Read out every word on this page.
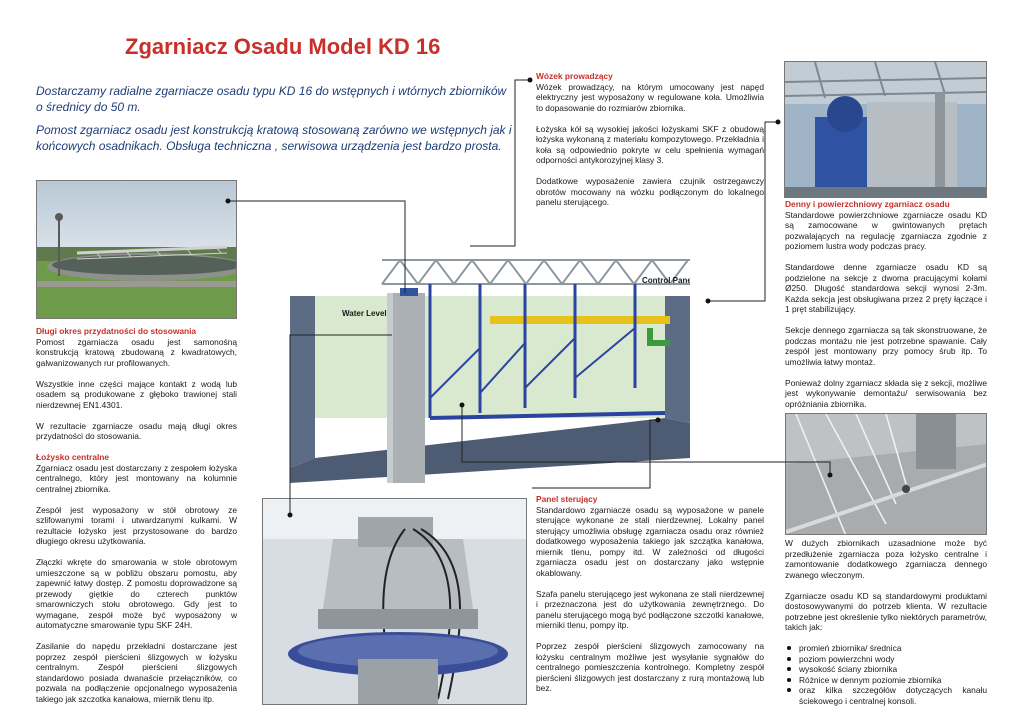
Zgarniacz Osadu Model KD 16

Dostarczamy radialne zgarniacze osadu typu KD 16 do wstępnych i wtórnych zbiorników o średnicy do 50 m.

Pomost zgarniacz osadu jest konstrukcją kratową stosowaną zarówno we wstępnych jak i końcowych osadnikach. Obsługa techniczna , serwisowa urządzenia jest bardzo prosta.

Water Level
Control Panel
Długi okres przydatności do stosowania

Pomost zgarniacza osadu jest samonośną konstrukcją kratową zbudowaną z kwadratowych, galwanizowanych rur profilowanych.

Wszystkie inne części mające kontakt z wodą lub osadem są produkowane z głęboko trawionej stali nierdzewnej EN1.4301.

W rezultacie zgarniacze osadu mają długi okres przydatności do stosowania.

Łożysko centralne

Zgarniacz osadu jest dostarczany z zespołem łożyska centralnego, który jest montowany na kolumnie centralnej zbiornika.

Zespół jest wyposażony w stół obrotowy ze szlifowanymi torami i utwardzanymi kulkami. W rezultacie łożysko jest przystosowane do bardzo długiego okresu użytkowania.

Złączki wkręte do smarowania w stole obrotowym umieszczone są w pobliżu obszaru pomostu, aby zapewnić łatwy dostęp. Z pomostu doprowadzone są przewody giętkie do czterech punktów smarowniczych stołu obrotowego. Gdy jest to wymagane, zespół może być wyposażony w automatyczne smarowanie typu SKF 24H.

Zasilanie do napędu przekładni dostarczane jest poprzez zespół pierścieni ślizgowych w łożysku centralnym. Zespół pierścieni ślizgowych standardowo posiada dwanaście przełączników, co pozwala na podłączenie opcjonalnego wyposażenia takiego jak szczotka kanałowa, miernik tlenu itp.

Wózek prowadzący

Wózek prowadzący, na którym umocowany jest napęd elektryczny jest wyposażony w regulowane koła. Umożliwia to dopasowanie do rozmiarów zbiornika.

Łożyska kół są wysokiej jakości łożyskami SKF z obudową łożyska wykonaną z materiału kompozytowego. Przekładnia i koła są odpowiednio pokryte w celu spełnienia wymagań odporności antykorozyjnej klasy 3.

Dodatkowe wyposażenie zawiera czujnik ostrzegawczy obrotów mocowany na wózku podłączonym do lokalnego panelu sterującego.

Panel sterujący

Standardowo zgarniacze osadu są wyposażone w panele sterujące wykonane ze stali nierdzewnej. Lokalny panel sterujący umożliwia obsługę zgarniacza osadu oraz również dodatkowego wyposażenia takiego jak szczątka kanałowa, miernik tlenu, pompy itd. W zależności od długości zgarniacza osadu jest on dostarczany jako wstępnie okablowany.

Szafa panelu sterującego jest wykonana ze stali nierdzewnej i przeznaczona jest do użytkowania zewnętrznego. Do panelu sterującego mogą być podłączone szczotki kanałowe, mierniki tlenu, pompy itp.

Poprzez zespół pierścieni ślizgowych zamocowany na łożysku centralnym możliwe jest wysyłanie sygnałów do centralnego pomieszczenia kontrolnego. Kompletny zespół pierścieni ślizgowych jest dostarczany z rurą montażową lub bez.

Denny i powierzchniowy zgarniacz osadu

Standardowe powierzchniowe zgarniacze osadu KD są zamocowane w gwintowanych prętach pozwalających na regulację zgarniacza zgodnie z poziomem lustra wody podczas pracy.

Standardowe denne zgarniacze osadu KD są podzielone na sekcje z dwoma pracującymi kołami Ø250. Długość standardowa sekcji wynosi 2-3m. Każda sekcja jest obsługiwana przez 2 pręty łączące i 1 pręt stabilizujący.

Sekcje dennego zgarniacza są tak skonstruowane, że podczas montażu nie jest potrzebne spawanie. Cały zespół jest montowany przy pomocy śrub itp. To umożliwia łatwy montaż.

Ponieważ dolny zgarniacz składa się z sekcji, możliwe jest wykonywanie demontażu/ serwisowania bez opróżniania zbiornika.

W dużych zbiornikach uzasadnione może być przedłużenie zgarniacza poza łożysko centralne i zamontowanie dodatkowego zgarniacza dennego zwanego wleczonym.

Zgarniacze osadu KD są standardowymi produktami dostosowywanymi do potrzeb klienta. W rezultacie potrzebne jest określenie tylko niektórych parametrów, takich jak:

promień zbiornika/ średnica
poziom powierzchni wody
wysokość ściany zbiornika
Różnice w dennym poziomie zbiornika
oraz kilka szczegółów dotyczących kanału ściekowego i centralnej konsoli.
